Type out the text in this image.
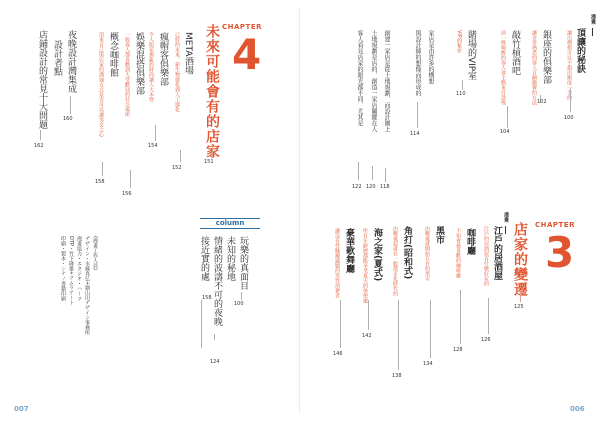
漫畫
頂讓的秘訣
讓出價格可以不超出額度一手的
100
銀座的俱樂部
讓非常熟悉的客人自願繳費的方法 102
敲竹槓酒吧
前一晚喝醉的客人會主動來付款嗎
104
賭場的VIP室
VIP的秘密
110
家店是由許多的構想
與設計師的想像而形成的
114
創建一家店是從土地規劃、而設計圖上
118
土地規劃是店的、創造一家店關鍵在人
120
客人看見店家的眼光都不同、尤其是
122
CHAPTER
3
店家的變遷
125
漫畫
江戶的居酒屋
江戶的居酒屋有什麼好玩的
126
咖啡廳
不知會被喜歡的咖啡廳
128
黑市
由戰後就開始存在的黑市
134
角打(昭和式)
由戰後起就在一般都市化時代的
138
海之家(夏式)
所有年齡層都能享受夏天的休憩處
142
豪華歌舞廳
讓沒有性騷擾議題的男性消費者
146
006
CHAPTER
4
未來可能會有的店家
151
META酒場
已經的未來、新生物進化到人工進化
152
瘋帽客俱樂部
令人眼花撩亂的時尚讓人大本營
154
娛樂混搭俱樂部
一般客人都喜歡到大受歡迎的社交場所
156
概念咖啡館
用來自己與店家的溝通方式是否可以讓男女之心
158
夜晚設計灣集成
160
設計者點
店鋪設計的常見十大問題
162
column
玩樂的真面目
100
未知的秘地
情緒的波濤不可的夜晚
158
接近實的處
124
(漫畫工作人員)
デザイン・水藤真弘+細山田デザイン事務所
漫畫協力・スタジオ・ハーツ
DTP・竹下隆雄+ツムラアート
印刷・製本・シナノ書籍印刷
007
